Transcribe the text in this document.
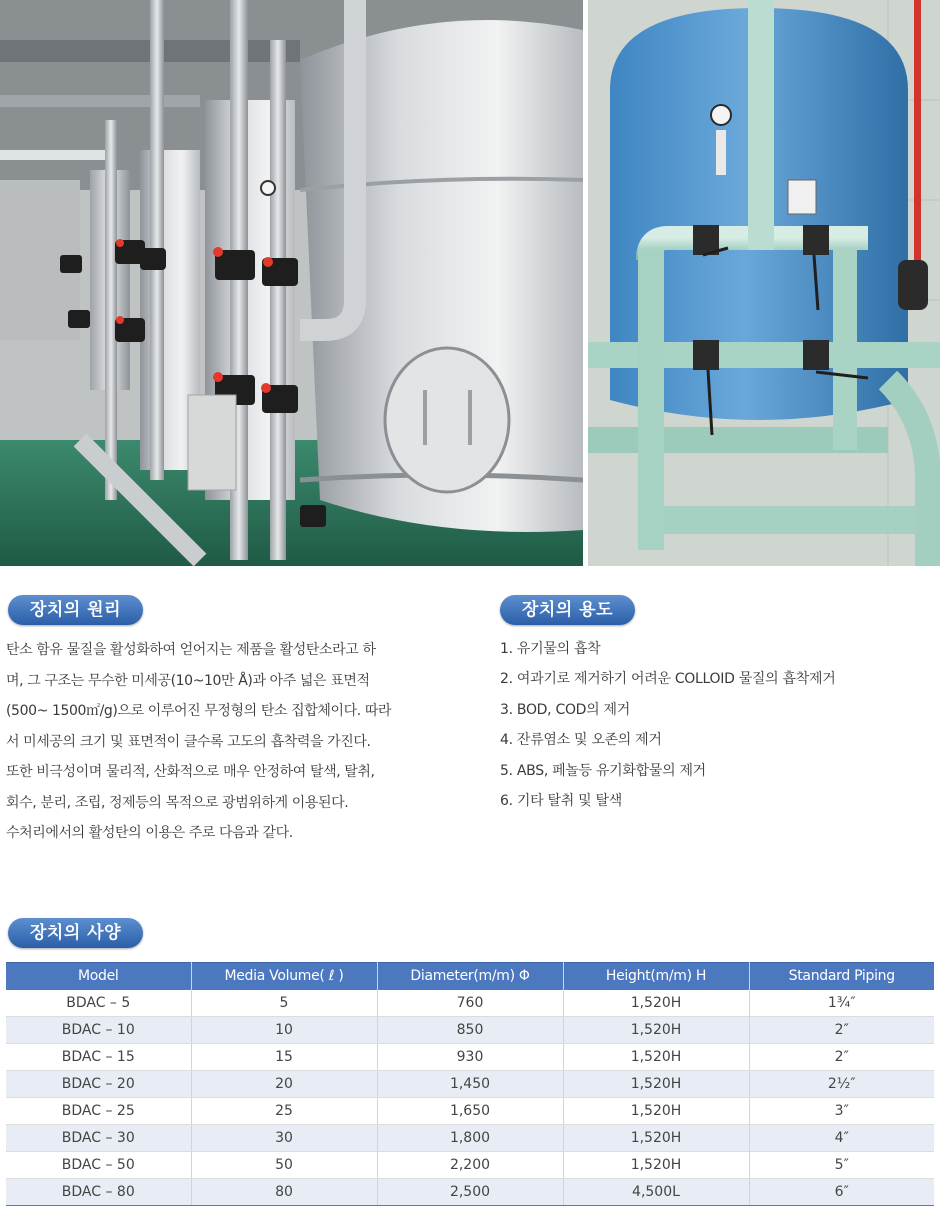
장치의 원리
탄소 함유 물질을 활성화하여 얻어지는 제품을 활성탄소라고 하
며, 그 구조는 무수한 미세공(10~10만 Å)과 아주 넓은 표면적
(500~ 1500㎡/g)으로 이루어진 무정형의 탄소 집합체이다. 따라
서 미세공의 크기 및 표면적이 클수록 고도의 흡착력을 가진다.
또한 비극성이며 물리적, 산화적으로 매우 안정하여 탈색, 탈취,
회수, 분리, 조립, 정제등의 목적으로 광범위하게 이용된다.
수처리에서의 활성탄의 이용은 주로 다음과 같다.
장치의 용도
1. 유기물의 흡착
2. 여과기로 제거하기 어려운 COLLOID 물질의 흡착제거
3. BOD, COD의 제거
4. 잔류염소 및 오존의 제거
5. ABS, 페놀등 유기화합물의 제거
6. 기타 탈취 및 탈색
장치의 사양
Model	Media Volume( ℓ )	Diameter(m/m) Φ	Height(m/m) H	Standard Piping
BDAC – 5	5	760	1,520H	1¾″
BDAC – 10	10	850	1,520H	2″
BDAC – 15	15	930	1,520H	2″
BDAC – 20	20	1,450	1,520H	2½″
BDAC – 25	25	1,650	1,520H	3″
BDAC – 30	30	1,800	1,520H	4″
BDAC – 50	50	2,200	1,520H	5″
BDAC – 80	80	2,500	4,500L	6″
